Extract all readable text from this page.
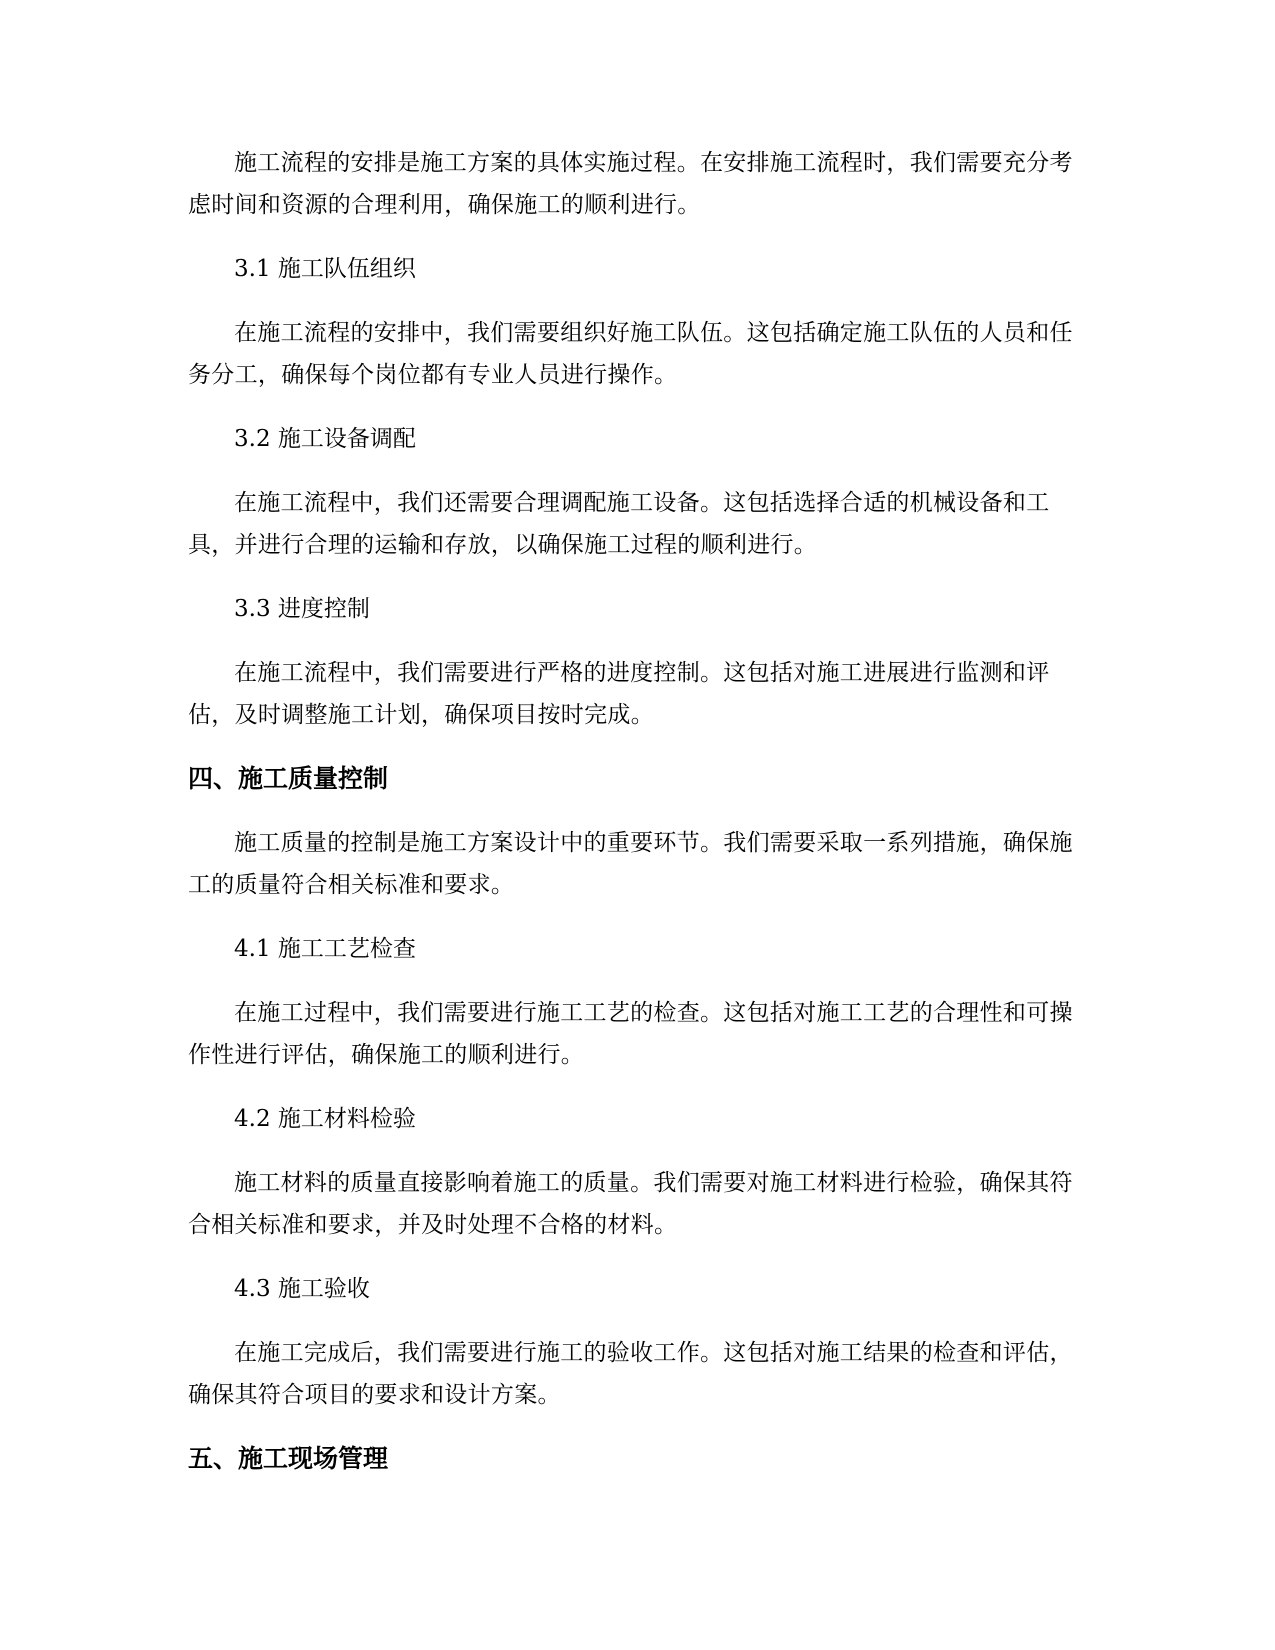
施工流程的安排是施工方案的具体实施过程。在安排施工流程时，我们需要充分考虑时间和资源的合理利用，确保施工的顺利进行。

3.1 施工队伍组织

在施工流程的安排中，我们需要组织好施工队伍。这包括确定施工队伍的人员和任务分工，确保每个岗位都有专业人员进行操作。

3.2 施工设备调配

在施工流程中，我们还需要合理调配施工设备。这包括选择合适的机械设备和工具，并进行合理的运输和存放，以确保施工过程的顺利进行。

3.3 进度控制

在施工流程中，我们需要进行严格的进度控制。这包括对施工进展进行监测和评估，及时调整施工计划，确保项目按时完成。

四、施工质量控制

施工质量的控制是施工方案设计中的重要环节。我们需要采取一系列措施，确保施工的质量符合相关标准和要求。

4.1 施工工艺检查

在施工过程中，我们需要进行施工工艺的检查。这包括对施工工艺的合理性和可操作性进行评估，确保施工的顺利进行。

4.2 施工材料检验

施工材料的质量直接影响着施工的质量。我们需要对施工材料进行检验，确保其符合相关标准和要求，并及时处理不合格的材料。

4.3 施工验收

在施工完成后，我们需要进行施工的验收工作。这包括对施工结果的检查和评估，确保其符合项目的要求和设计方案。

五、施工现场管理
